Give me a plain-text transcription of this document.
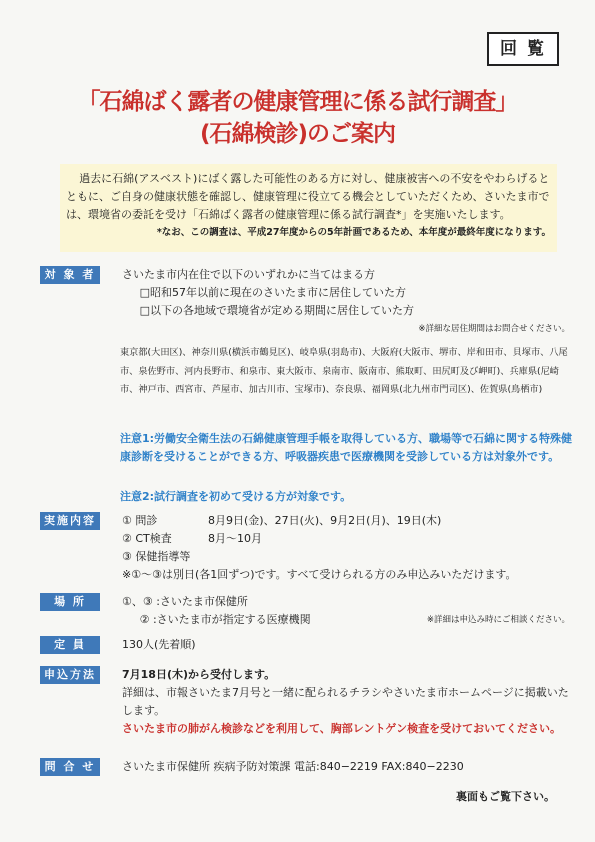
回 覧
「石綿ばく露者の健康管理に係る試行調査」
(石綿検診)のご案内

過去に石綿(アスベスト)にばく露した可能性のある方に対し、健康被害への不安をやわらげるとともに、ご自身の健康状態を確認し、健康管理に役立てる機会としていただくため、さいたま市では、環境省の委託を受け「石綿ばく露者の健康管理に係る試行調査*」を実施いたします。

*なお、この調査は、平成27年度からの5年計画であるため、本年度が最終年度になります。

対 象 者	さいたま市内在住で以下のいずれかに当てはまる方
□昭和57年以前に現在のさいたま市に居住していた方
□以下の各地域で環境省が定める期間に居住していた方
※詳細な居住期間はお問合せください。
東京都(大田区)、神奈川県(横浜市鶴見区)、岐阜県(羽島市)、大阪府(大阪市、堺市、岸和田市、貝塚市、八尾市、泉佐野市、河内長野市、和泉市、東大阪市、泉南市、阪南市、熊取町、田尻町及び岬町)、兵庫県(尼崎市、神戸市、西宮市、芦屋市、加古川市、宝塚市)、奈良県、福岡県(北九州市門司区)、佐賀県(鳥栖市)
注意1:労働安全衛生法の石綿健康管理手帳を取得している方、職場等で石綿に関する特殊健康診断を受けることができる方、呼吸器疾患で医療機関を受診している方は対象外です。
注意2:試行調査を初めて受ける方が対象です。
実施内容	① 問診	8月9日(金)、27日(火)、9月2日(月)、19日(木)
② CT検査	8月～10月
③ 保健指導等
※①～③は別日(各1回ずつ)です。すべて受けられる方のみ申込みいただけます。
場 所	①、③ :さいたま市保健所
② :さいたま市が指定する医療機関	※詳細は申込み時にご相談ください。
定 員	130人(先着順)
申込方法	7月18日(木)から受付します。
詳細は、市報さいたま7月号と一緒に配られるチラシやさいたま市ホームページに掲載いたします。
さいたま市の肺がん検診などを利用して、胸部レントゲン検査を受けておいてください。
問 合 せ	さいたま市保健所 疾病予防対策課 電話:840−2219 FAX:840−2230
裏面もご覧下さい。
